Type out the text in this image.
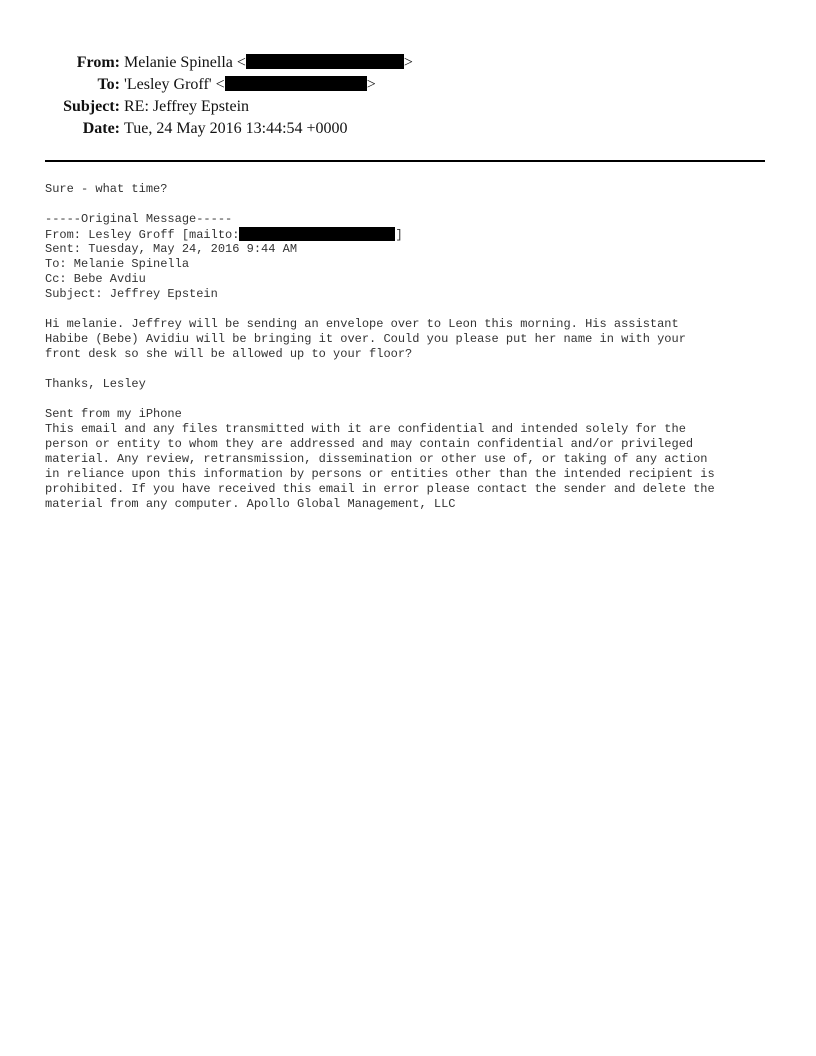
From: Melanie Spinella <	>
To: 'Lesley Groff' <	>
Subject: RE: Jeffrey Epstein
Date: Tue, 24 May 2016 13:44:54 +0000
Sure - what time?
-----Original Message-----
From: Lesley Groff [mailto:	]
Sent: Tuesday, May 24, 2016 9:44 AM
To: Melanie Spinella
Cc: Bebe Avdiu
Subject: Jeffrey Epstein
Hi melanie. Jeffrey will be sending an envelope over to Leon this morning. His assistant
Habibe (Bebe) Avidiu will be bringing it over. Could you please put her name in with your
front desk so she will be allowed up to your floor?
Thanks, Lesley
Sent from my iPhone
This email and any files transmitted with it are confidential and intended solely for the
person or entity to whom they are addressed and may contain confidential and/or privileged
material. Any review, retransmission, dissemination or other use of, or taking of any action
in reliance upon this information by persons or entities other than the intended recipient is
prohibited. If you have received this email in error please contact the sender and delete the
material from any computer. Apollo Global Management, LLC
